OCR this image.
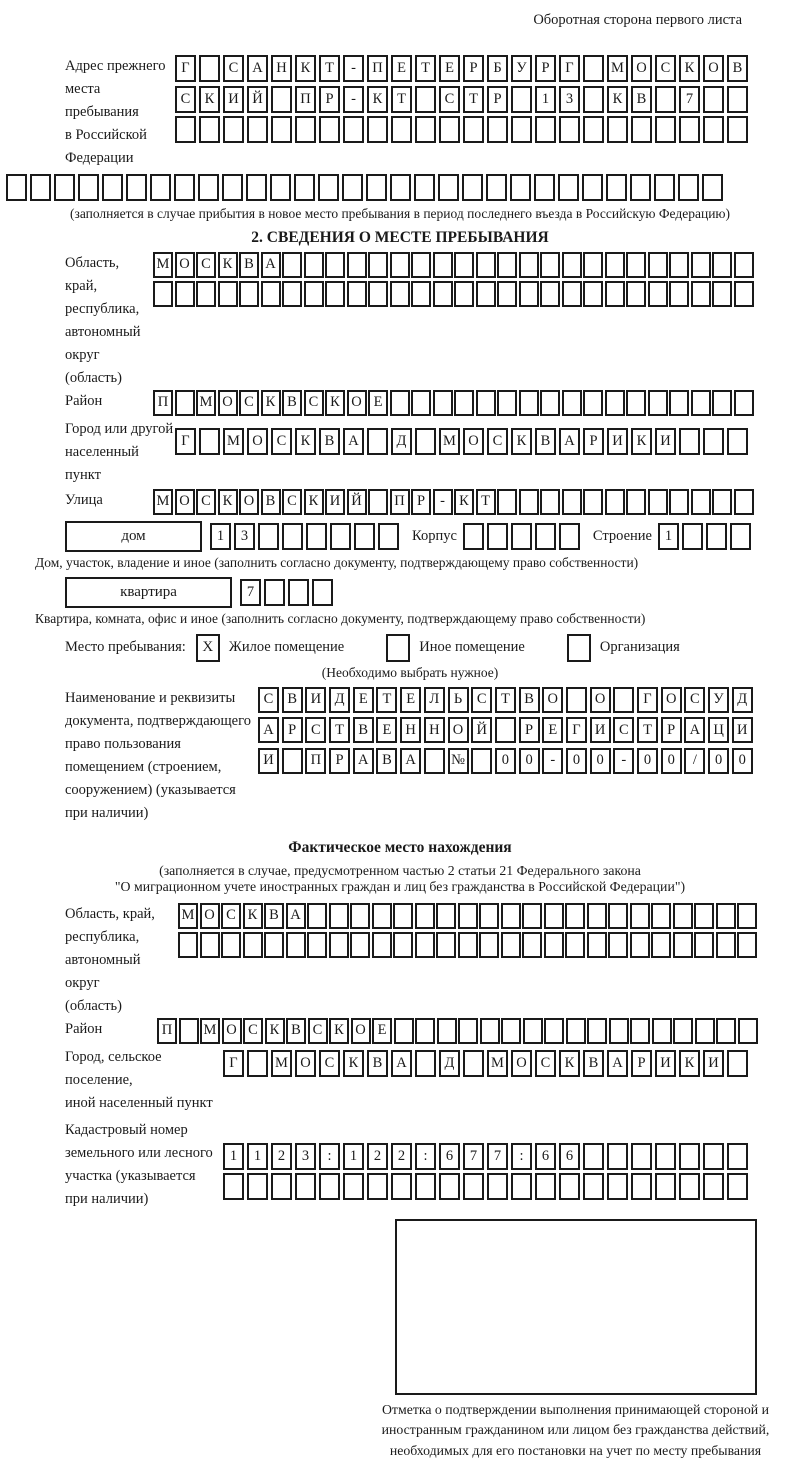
Оборотная сторона первого листа
Адрес прежнего
места пребывания
в Российской
Федерации
Г	С А Н К	Т	-	П Е	Т	Е	Р	Б	У	Р	Г	М О С К О В
С К И Й	П	Р	-	К	Т	С	Т	Р	1	3	К В	7
(заполняется в случае прибытия в новое место пребывания в период последнего въезда в Российскую Федерацию)
2. СВЕДЕНИЯ О МЕСТЕ ПРЕБЫВАНИЯ
Область, край,
республика,
автономный
округ (область)
М О С К В А
Район	П	М О С К В С К О Е
Город или другой
населенный пункт
Г	М О С К В А	Д	М О С К В А	Р	И К И
Улица	М О С К О В С К И Й	П Р	- К Т
дом	1	3	Корпус	Строение 1
Дом, участок, владение и иное (заполнить согласно документу, подтверждающему право собственности)
квартира	7
Квартира, комната, офис и иное (заполнить согласно документу, подтверждающему право собственности)
Место пребывания:	X	Жилое помещение	Иное помещение	Организация
(Необходимо выбрать нужное)
Наименование и реквизиты
документа, подтверждающего
право пользования
помещением (строением,
сооружением) (указывается
при наличии)
С В И Д Е	Т	Е Л	Ь	С Т В О	О	Г О С У Д
А Р	С Т В Е Н Н О Й	Р	Е	Г И С Т	Р А Ц И
И	П Р А В А	№	0	0	-	0	0	-	0	0	/	0	0
Фактическое место нахождения
(заполняется в случае, предусмотренном частью 2 статьи 21 Федерального закона
"О миграционном учете иностранных граждан и лиц без гражданства в Российской Федерации")
Область, край,
республика,
автономный округ
(область)
М О С К В А
Район	П	М О С К В С К О Е
Город, сельское поселение,
иной населенный пункт
Г	М О С К В А	Д	М О С К В А	Р	И К И
Кадастровый номер
земельного или лесного
участка (указывается
при наличии)
1	1	2	3	:	1	2	2	:	6	7	7	:	6	6
Отметка о подтверждении выполнения принимающей стороной и иностранным гражданином или лицом без гражданства действий, необходимых для его постановки на учет по месту пребывания
